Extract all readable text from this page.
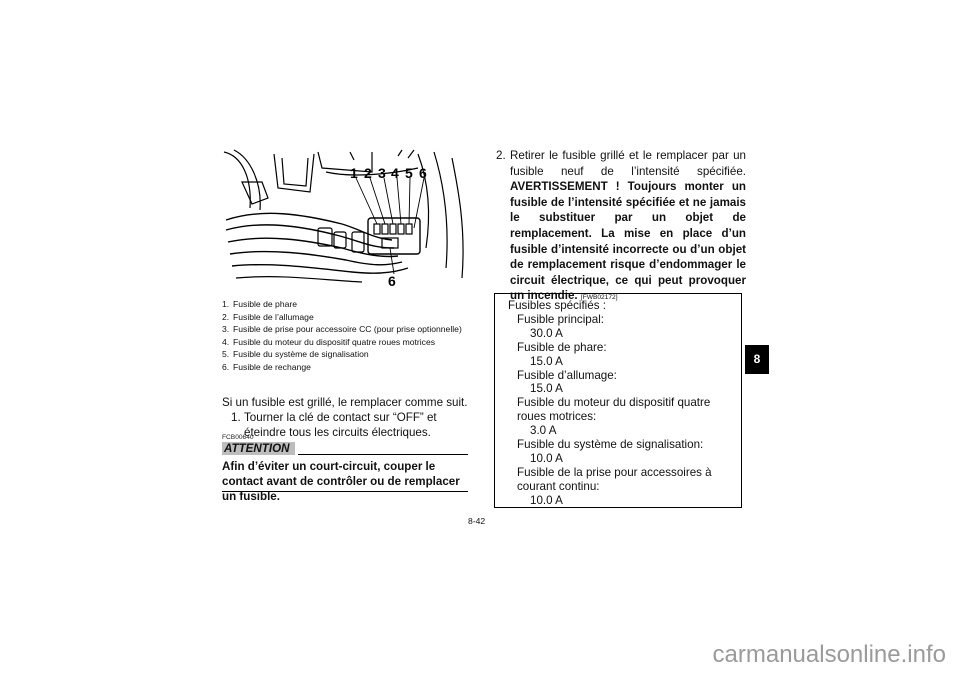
1 2 3 4 5 6
6
1. Fusible de phare
2. Fusible de l’allumage
3. Fusible de prise pour accessoire CC (pour prise optionnelle)
4. Fusible du moteur du dispositif quatre roues motrices
5. Fusible du système de signalisation
6. Fusible de rechange

Si un fusible est grillé, le remplacer comme suit.

1. Tourner la clé de contact sur “OFF” et éteindre tous les circuits électriques.
FCB00640
ATTENTION

Afin d’éviter un court-circuit, couper le contact avant de contrôler ou de remplacer un fusible.

2. Retirer le fusible grillé et le remplacer par un fusible neuf de l’intensité spécifiée. AVERTISSEMENT ! Toujours monter un fusible de l’intensité spécifiée et ne jamais le substituer par un objet de remplacement. La mise en place d’un fusible d’intensité incorrecte ou d’un objet de remplacement risque d’endommager le circuit électrique, ce qui peut provoquer un incendie. [FWB02172]

Fusibles spécifiés :
Fusible principal:
30.0 A
Fusible de phare:
15.0 A
Fusible d’allumage:
15.0 A
Fusible du moteur du dispositif quatre roues motrices:
3.0 A
Fusible du système de signalisation:
10.0 A
Fusible de la prise pour accessoires à courant continu:
10.0 A
8
8-42
carmanualsonline.info
